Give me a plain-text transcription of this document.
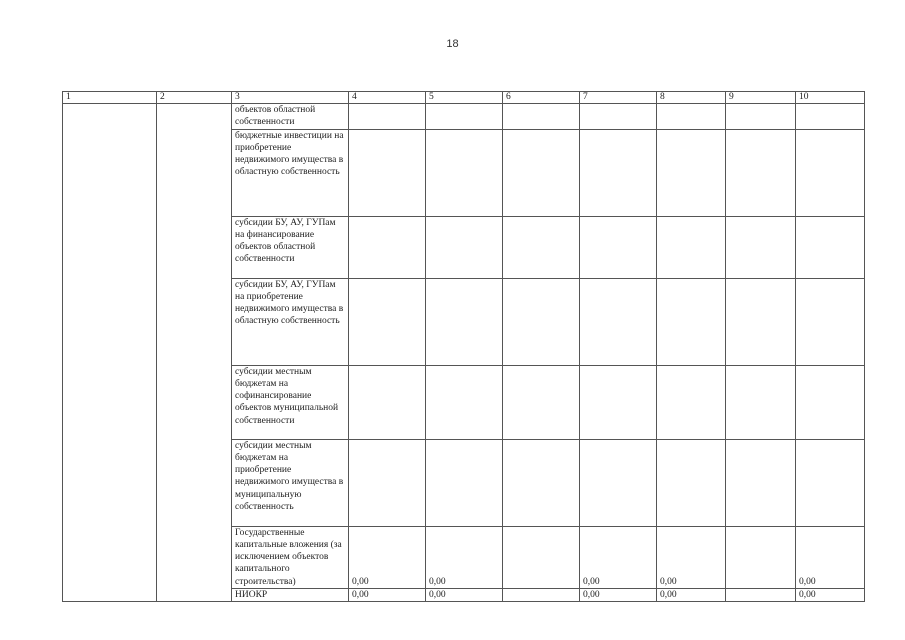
18
1	2	3	4	5	6	7	8	9	10

		объектов областной собственности							

		бюджетные инвестиции на приобретение недвижимого имущества в областную собственность							

		субсидии БУ, АУ, ГУПам на финансирование объектов областной собственности							

		субсидии БУ, АУ, ГУПам на приобретение недвижимого имущества в областную собственность							

		субсидии местным бюджетам на софинансирование объектов муниципальной собственности							

		субсидии местным бюджетам на приобретение недвижимого имущества в муниципальную собственность							

		Государственные капитальные вложения (за исключением объектов капитального строительства)	0,00	0,00		0,00	0,00		0,00

		НИОКР	0,00	0,00		0,00	0,00		0,00
